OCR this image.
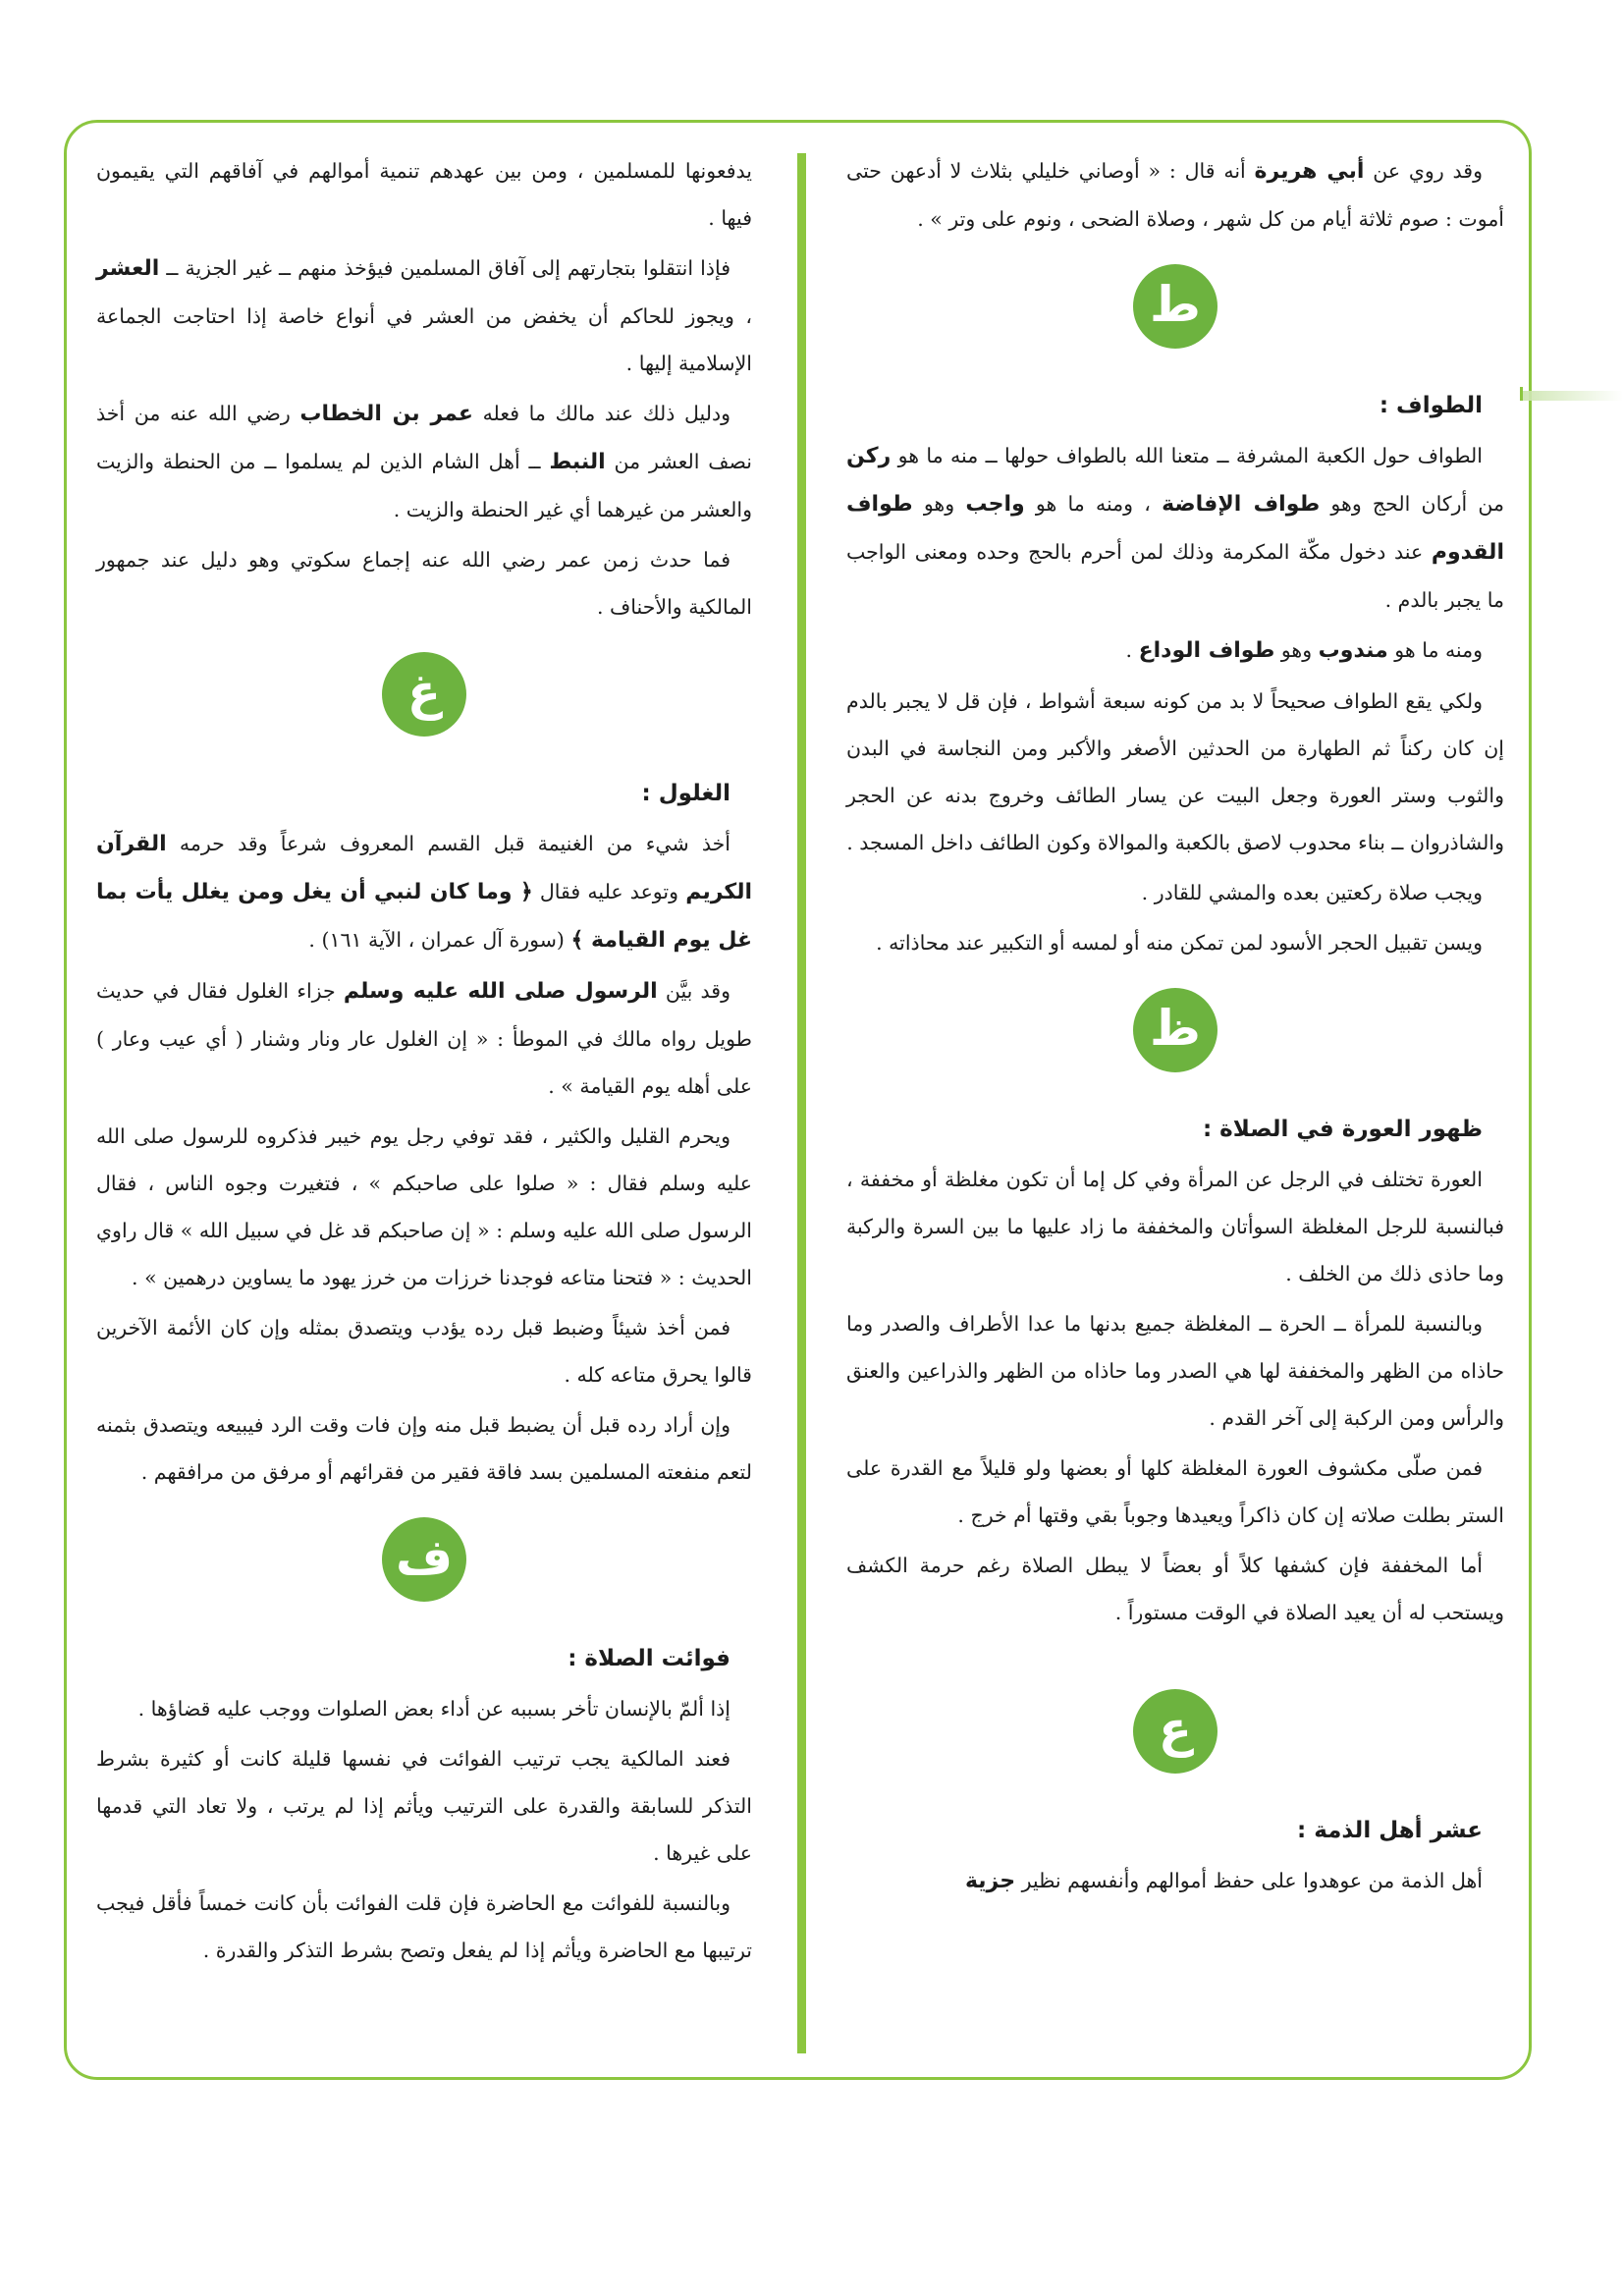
وقد روي عن أبي هريرة أنه قال : « أوصاني خليلي بثلاث لا أدعهن حتى أموت : صوم ثلاثة أيام من كل شهر ، وصلاة الضحى ، ونوم على وتر » .

ط

الطواف :

الطواف حول الكعبة المشرفة ــ متعنا الله بالطواف حولها ــ منه ما هو ركن من أركان الحج وهو طواف الإفاضة ، ومنه ما هو واجب وهو طواف القدوم عند دخول مكّة المكرمة وذلك لمن أحرم بالحج وحده ومعنى الواجب ما يجبر بالدم .

ومنه ما هو مندوب وهو طواف الوداع .

ولكي يقع الطواف صحيحاً لا بد من كونه سبعة أشواط ، فإن قل لا يجبر بالدم إن كان ركناً ثم الطهارة من الحدثين الأصغر والأكبر ومن النجاسة في البدن والثوب وستر العورة وجعل البيت عن يسار الطائف وخروج بدنه عن الحجر والشاذروان ــ بناء محدوب لاصق بالكعبة والموالاة وكون الطائف داخل المسجد .

ويجب صلاة ركعتين بعده والمشي للقادر .

ويسن تقبيل الحجر الأسود لمن تمكن منه أو لمسه أو التكبير عند محاذاته .

ظ

ظهور العورة في الصلاة :

العورة تختلف في الرجل عن المرأة وفي كل إما أن تكون مغلظة أو مخففة ، فبالنسبة للرجل المغلظة السوأتان والمخففة ما زاد عليها ما بين السرة والركبة وما حاذى ذلك من الخلف .

وبالنسبة للمرأة ــ الحرة ــ المغلظة جميع بدنها ما عدا الأطراف والصدر وما حاذاه من الظهر والمخففة لها هي الصدر وما حاذاه من الظهر والذراعين والعنق والرأس ومن الركبة إلى آخر القدم .

فمن صلّى مكشوف العورة المغلظة كلها أو بعضها ولو قليلاً مع القدرة على الستر بطلت صلاته إن كان ذاكراً ويعيدها وجوباً بقي وقتها أم خرج .

أما المخففة فإن كشفها كلاً أو بعضاً لا يبطل الصلاة رغم حرمة الكشف ويستحب له أن يعيد الصلاة في الوقت مستوراً .

ع

عشر أهل الذمة :

أهل الذمة من عوهدوا على حفظ أموالهم وأنفسهم نظير جزية

يدفعونها للمسلمين ، ومن بين عهدهم تنمية أموالهم في آفاقهم التي يقيمون فيها .

فإذا انتقلوا بتجارتهم إلى آفاق المسلمين فيؤخذ منهم ــ غير الجزية ــ العشر ، ويجوز للحاكم أن يخفض من العشر في أنواع خاصة إذا احتاجت الجماعة الإسلامية إليها .

ودليل ذلك عند مالك ما فعله عمر بن الخطاب رضي الله عنه من أخذ نصف العشر من النبط ــ أهل الشام الذين لم يسلموا ــ من الحنطة والزيت والعشر من غيرهما أي غير الحنطة والزيت .

فما حدث زمن عمر رضي الله عنه إجماع سكوتي وهو دليل عند جمهور المالكية والأحناف .

غ

الغلول :

أخذ شيء من الغنيمة قبل القسم المعروف شرعاً وقد حرمه القرآن الكريم وتوعد عليه فقال ﴿ وما كان لنبي أن يغل ومن يغلل يأت بما غل يوم القيامة ﴾ (سورة آل عمران ، الآية ١٦١) .

وقد بيَّن الرسول صلى الله عليه وسلم جزاء الغلول فقال في حديث طويل رواه مالك في الموطأ : « إن الغلول عار ونار وشنار ( أي عيب وعار ) على أهله يوم القيامة » .

ويحرم القليل والكثير ، فقد توفي رجل يوم خيبر فذكروه للرسول صلى الله عليه وسلم فقال : « صلوا على صاحبكم » ، فتغيرت وجوه الناس ، فقال الرسول صلى الله عليه وسلم : « إن صاحبكم قد غل في سبيل الله » قال راوي الحديث : « فتحنا متاعه فوجدنا خرزات من خرز يهود ما يساوين درهمين » .

فمن أخذ شيئاً وضبط قبل رده يؤدب ويتصدق بمثله وإن كان الأئمة الآخرين قالوا يحرق متاعه كله .

وإن أراد رده قبل أن يضبط قبل منه وإن فات وقت الرد فيبيعه ويتصدق بثمنه لتعم منفعته المسلمين بسد فاقة فقير من فقرائهم أو مرفق من مرافقهم .

ف

فوائت الصلاة :

إذا ألمّ بالإنسان تأخر بسببه عن أداء بعض الصلوات ووجب عليه قضاؤها .

فعند المالكية يجب ترتيب الفوائت في نفسها قليلة كانت أو كثيرة بشرط التذكر للسابقة والقدرة على الترتيب ويأثم إذا لم يرتب ، ولا تعاد التي قدمها على غيرها .

وبالنسبة للفوائت مع الحاضرة فإن قلت الفوائت بأن كانت خمساً فأقل فيجب ترتيبها مع الحاضرة ويأثم إذا لم يفعل وتصح بشرط التذكر والقدرة .
